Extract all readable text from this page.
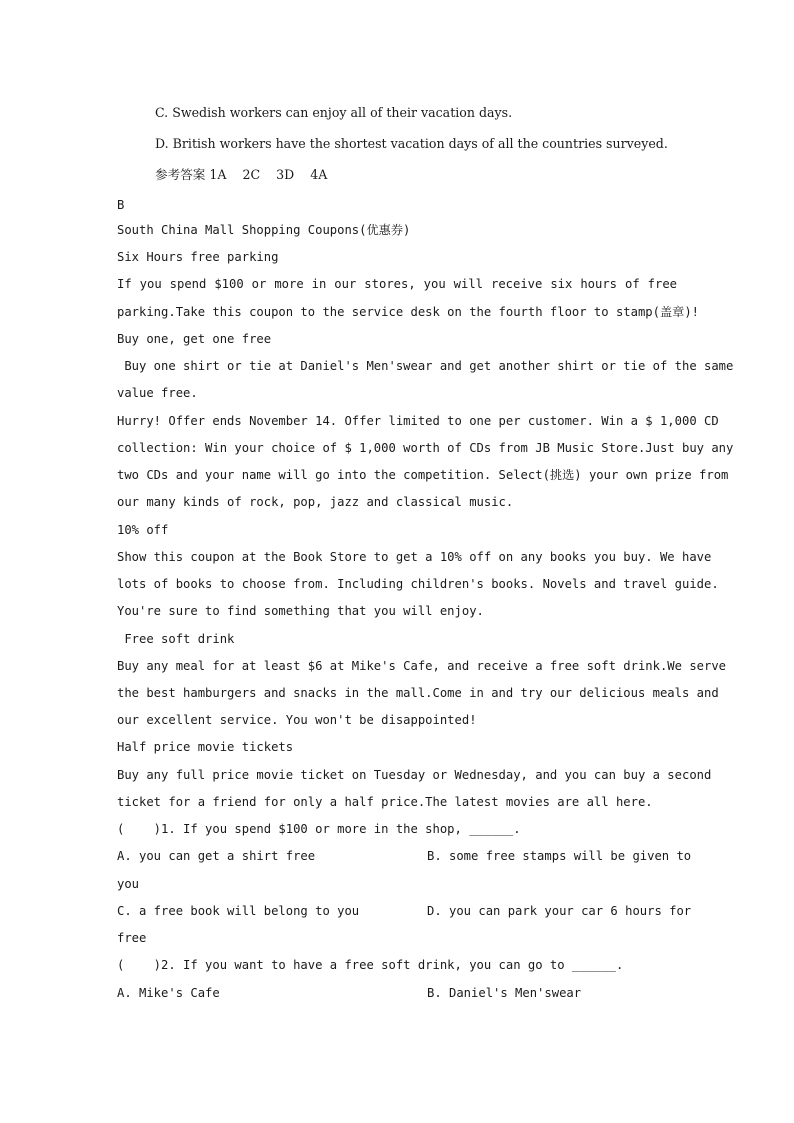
C. Swedish workers can enjoy all of their vacation days.
D. British workers have the shortest vacation days of all the countries surveyed.
参考答案 1A    2C    3D    4A
B
South China Mall Shopping Coupons(优惠券)
Six Hours free parking
If you spend $100 or more in our stores, you will receive six hours of free
parking.Take this coupon to the service desk on the fourth floor to stamp(盖章)!
Buy one, get one free
Buy one shirt or tie at Daniel's Men'swear and get another shirt or tie of the same
value free.
Hurry! Offer ends November 14. Offer limited to one per customer. Win a $ 1,000 CD
collection: Win your choice of $ 1,000 worth of CDs from JB Music Store.Just buy any
two CDs and your name will go into the competition. Select(挑选) your own prize from
our many kinds of rock, pop, jazz and classical music.
10% off
Show this coupon at the Book Store to get a 10% off on any books you buy. We have
lots of books to choose from. Including children's books. Novels and travel guide.
You're sure to find something that you will enjoy.
Free soft drink
Buy any meal for at least $6 at Mike's Cafe, and receive a free soft drink.We serve
the best hamburgers and snacks in the mall.Come in and try our delicious meals and
our excellent service. You won't be disappointed!
Half price movie tickets
Buy any full price movie ticket on Tuesday or Wednesday, and you can buy a second
ticket for a friend for only a half price.The latest movies are all here.
(    )1. If you spend $100 or more in the shop, ______.
A. you can get a shirt free	B. some free stamps will be given to
you
C. a free book will belong to you	D. you can park your car 6 hours for
free
(    )2. If you want to have a free soft drink, you can go to ______.
A. Mike's Cafe	B. Daniel's Men'swear
